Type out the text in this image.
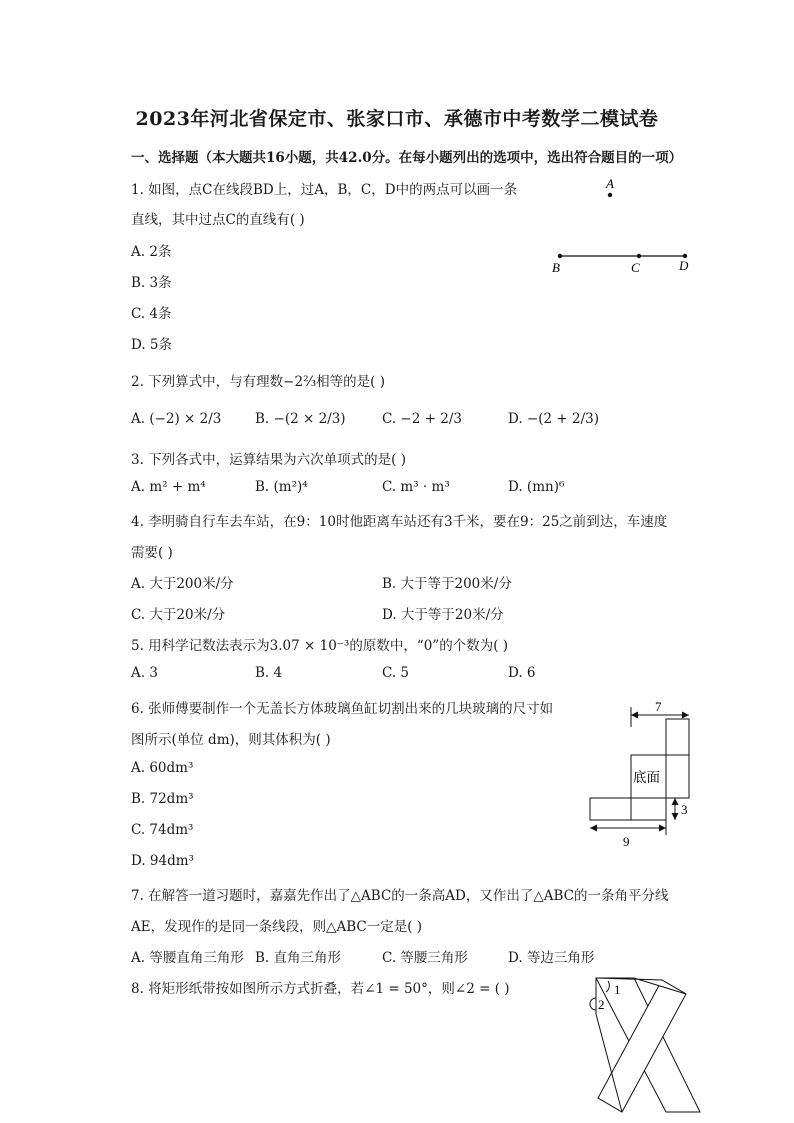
2023年河北省保定市、张家口市、承德市中考数学二模试卷
一、选择题（本大题共16小题，共42.0分。在每小题列出的选项中，选出符合题目的一项）
1. 如图，点C在线段BD上，过A，B，C，D中的两点可以画一条
直线，其中过点C的直线有( )
A. 2条
B. 3条
C. 4条
D. 5条
A
B	C	D
2. 下列算式中，与有理数−2⅔相等的是( )
A. (−2) × 2/3 B. −(2 × 2/3)	C. −2 + 2/3	D. −(2 + 2/3)
3. 下列各式中，运算结果为六次单项式的是( )
A. m² + m⁴	B. (m²)⁴	C. m³ · m³	D. (mn)⁶
4. 李明骑自行车去车站，在9：10时他距离车站还有3千米，要在9：25之前到达，车速度
需要( )
A. 大于200米/分	B. 大于等于200米/分
C. 大于20米/分	D. 大于等于20米/分
5. 用科学记数法表示为3.07 × 10⁻³的原数中，“0”的个数为( )
A. 3	B. 4	C. 5	D. 6
6. 张师傅要制作一个无盖长方体玻璃鱼缸切割出来的几块玻璃的尺寸如
图所示(单位 dm)，则其体积为( )
A. 60dm³
B. 72dm³
C. 74dm³
D. 94dm³
7
底面
3
9
7. 在解答一道习题时，嘉嘉先作出了△ABC的一条高AD，又作出了△ABC的一条角平分线
AE，发现作的是同一条线段，则△ABC一定是( )
A. 等腰直角三角形 B. 直角三角形	C. 等腰三角形	D. 等边三角形
8. 将矩形纸带按如图所示方式折叠，若∠1 = 50°，则∠2 = ( )	1
2
